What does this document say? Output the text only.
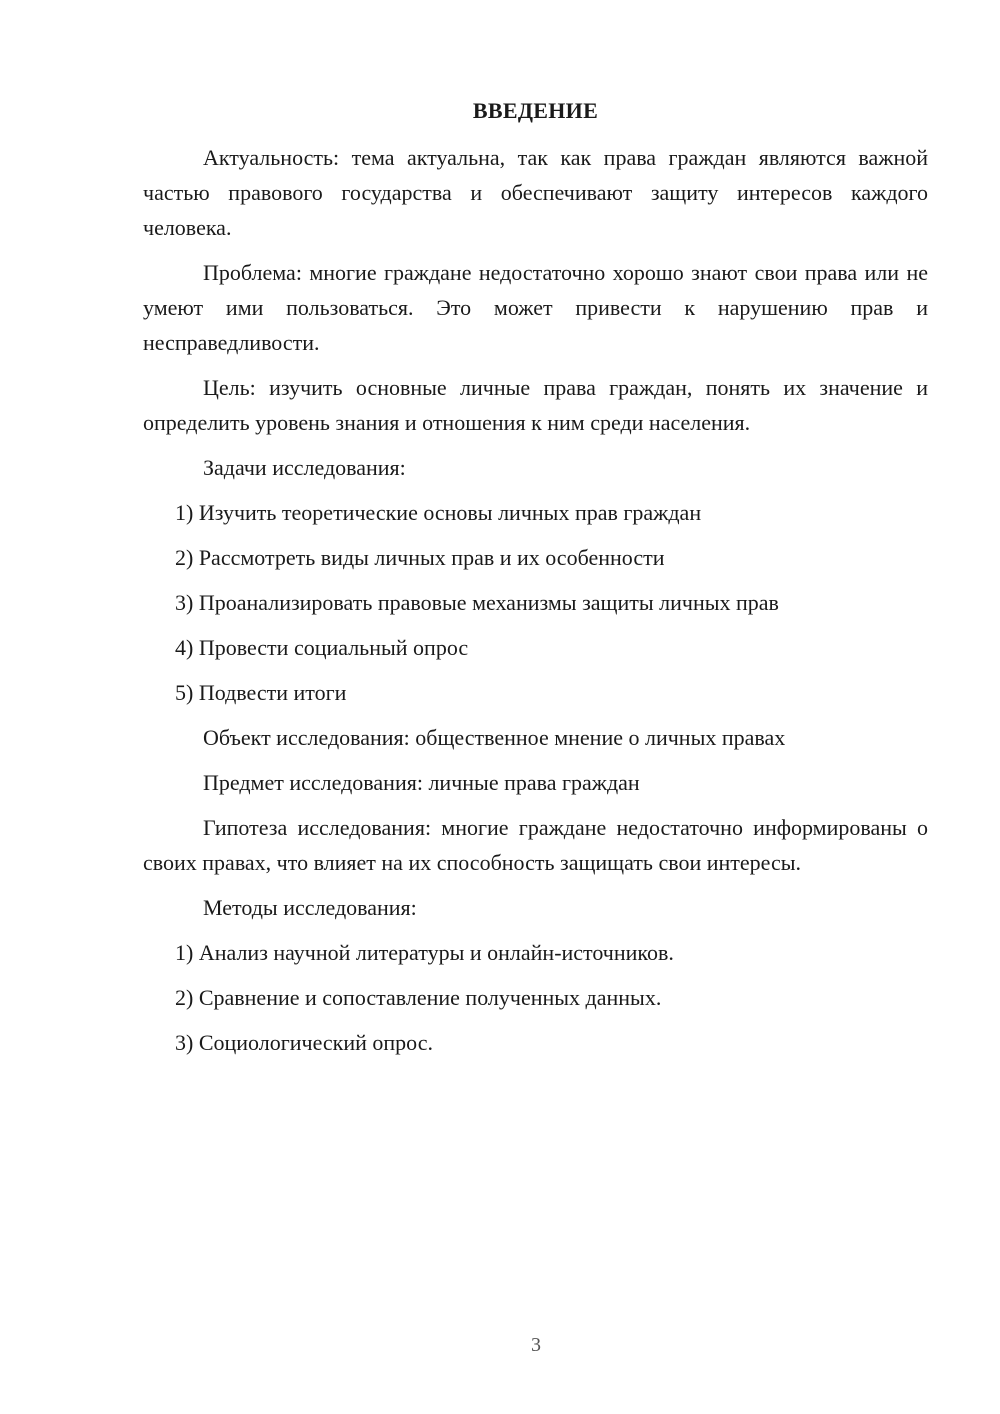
ВВЕДЕНИЕ

Актуальность: тема актуальна, так как права граждан являются важной частью правового государства и обеспечивают защиту интересов каждого человека.

Проблема: многие граждане недостаточно хорошо знают свои права или не умеют ими пользоваться. Это может привести к нарушению прав и несправедливости.

Цель: изучить основные личные права граждан, понять их значение и определить уровень знания и отношения к ним среди населения.

Задачи исследования:

1) Изучить теоретические основы личных прав граждан
2) Рассмотреть виды личных прав и их особенности
3) Проанализировать правовые механизмы защиты личных прав
4) Провести социальный опрос
5) Подвести итоги

Объект исследования: общественное мнение о личных правах

Предмет исследования: личные права граждан

Гипотеза исследования: многие граждане недостаточно информированы о своих правах, что влияет на их способность защищать свои интересы.

Методы исследования:

1) Анализ научной литературы и онлайн-источников.
2) Сравнение и сопоставление полученных данных.
3) Социологический опрос.
3
